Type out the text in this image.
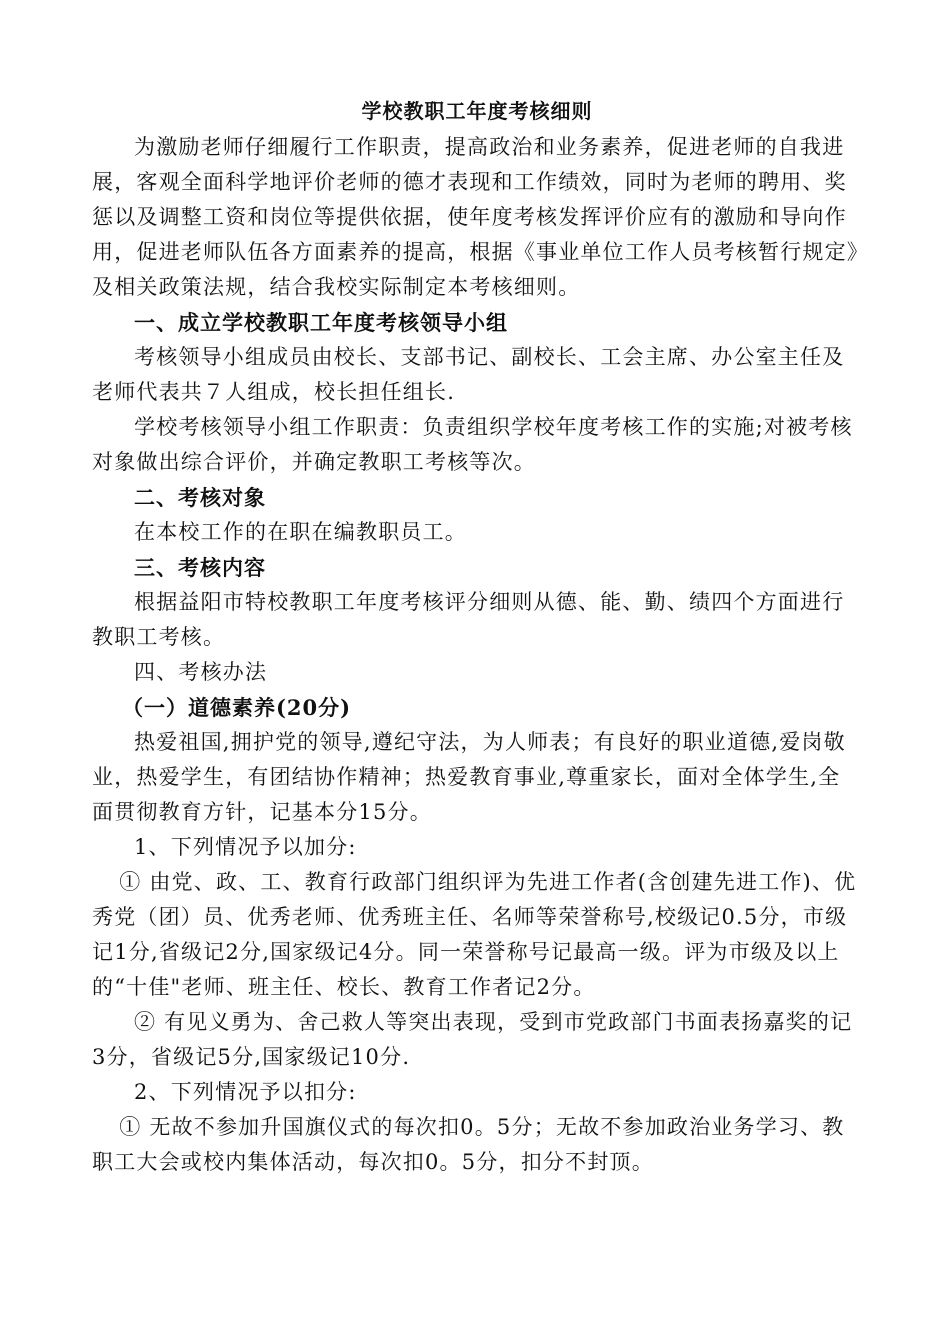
学校教职工年度考核细则

为激励老师仔细履行工作职责，提高政治和业务素养，促进老师的自我进展，客观全面科学地评价老师的德才表现和工作绩效，同时为老师的聘用、奖惩以及调整工资和岗位等提供依据，使年度考核发挥评价应有的激励和导向作用，促进老师队伍各方面素养的提高，根据《事业单位工作人员考核暂行规定》及相关政策法规，结合我校实际制定本考核细则。

一、成立学校教职工年度考核领导小组

考核领导小组成员由校长、支部书记、副校长、工会主席、办公室主任及老师代表共７人组成，校长担任组长.

学校考核领导小组工作职责：负责组织学校年度考核工作的实施;对被考核对象做出综合评价，并确定教职工考核等次。

二、考核对象

在本校工作的在职在编教职员工。

三、考核内容

根据益阳市特校教职工年度考核评分细则从德、能、勤、绩四个方面进行教职工考核。

四、考核办法

（一）道德素养(20分)

热爱祖国,拥护党的领导,遵纪守法，为人师表；有良好的职业道德,爱岗敬业，热爱学生，有团结协作精神；热爱教育事业,尊重家长，面对全体学生,全面贯彻教育方针，记基本分15分。

1、下列情况予以加分:

① 由党、政、工、教育行政部门组织评为先进工作者(含创建先进工作)、优秀党（团）员、优秀老师、优秀班主任、名师等荣誉称号,校级记0.5分，市级记1分,省级记2分,国家级记4分。同一荣誉称号记最高一级。评为市级及以上的“十佳"老师、班主任、校长、教育工作者记2分。

② 有见义勇为、舍己救人等突出表现，受到市党政部门书面表扬嘉奖的记3分，省级记5分,国家级记10分.

2、下列情况予以扣分:

① 无故不参加升国旗仪式的每次扣0。5分；无故不参加政治业务学习、教职工大会或校内集体活动，每次扣0。5分，扣分不封顶。
